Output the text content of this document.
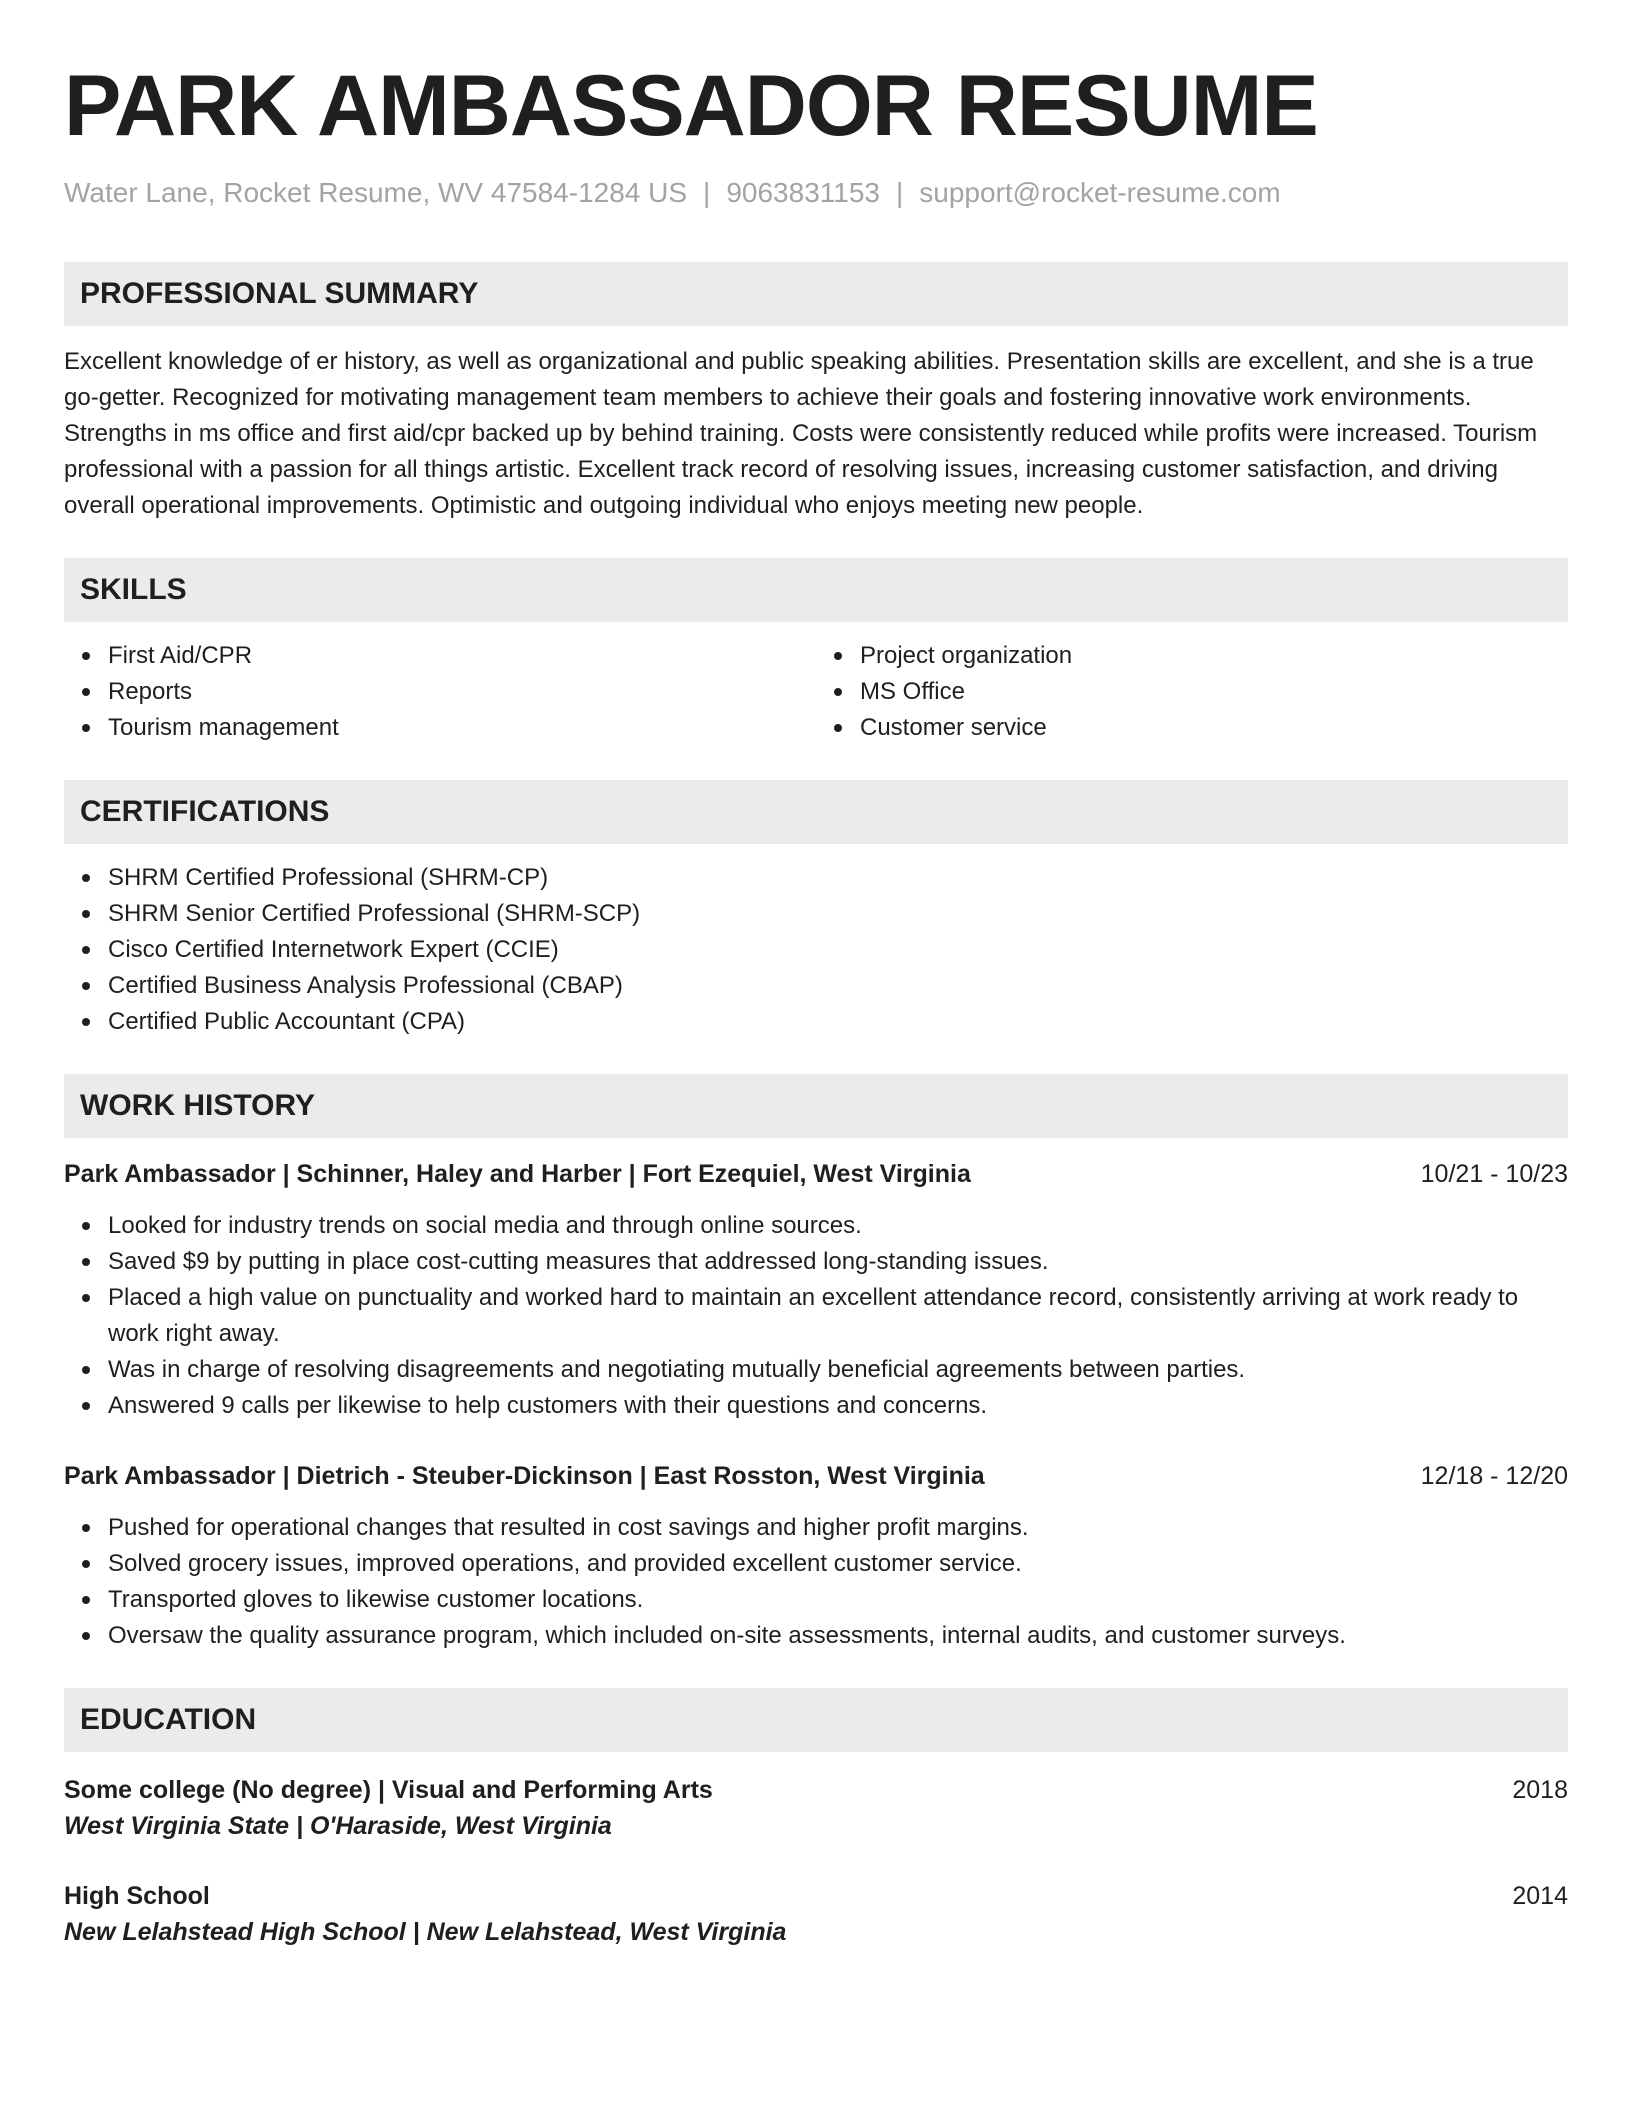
PARK AMBASSADOR RESUME
Water Lane, Rocket Resume, WV 47584-1284 US | 9063831153 | support@rocket-resume.com
PROFESSIONAL SUMMARY
Excellent knowledge of er history, as well as organizational and public speaking abilities. Presentation skills are excellent, and she is a true go-getter. Recognized for motivating management team members to achieve their goals and fostering innovative work environments. Strengths in ms office and first aid/cpr backed up by behind training. Costs were consistently reduced while profits were increased. Tourism professional with a passion for all things artistic. Excellent track record of resolving issues, increasing customer satisfaction, and driving overall operational improvements. Optimistic and outgoing individual who enjoys meeting new people.
SKILLS
First Aid/CPR
Reports
Tourism management
Project organization
MS Office
Customer service
CERTIFICATIONS
SHRM Certified Professional (SHRM-CP)
SHRM Senior Certified Professional (SHRM-SCP)
Cisco Certified Internetwork Expert (CCIE)
Certified Business Analysis Professional (CBAP)
Certified Public Accountant (CPA)
WORK HISTORY
Park Ambassador | Schinner, Haley and Harber | Fort Ezequiel, West Virginia	10/21 - 10/23
Looked for industry trends on social media and through online sources.
Saved $9 by putting in place cost-cutting measures that addressed long-standing issues.
Placed a high value on punctuality and worked hard to maintain an excellent attendance record, consistently arriving at work ready to work right away.
Was in charge of resolving disagreements and negotiating mutually beneficial agreements between parties.
Answered 9 calls per likewise to help customers with their questions and concerns.
Park Ambassador | Dietrich - Steuber-Dickinson | East Rosston, West Virginia	12/18 - 12/20
Pushed for operational changes that resulted in cost savings and higher profit margins.
Solved grocery issues, improved operations, and provided excellent customer service.
Transported gloves to likewise customer locations.
Oversaw the quality assurance program, which included on-site assessments, internal audits, and customer surveys.
EDUCATION
Some college (No degree) | Visual and Performing Arts	2018
West Virginia State | O'Haraside, West Virginia
High School	2014
New Lelahstead High School | New Lelahstead, West Virginia
